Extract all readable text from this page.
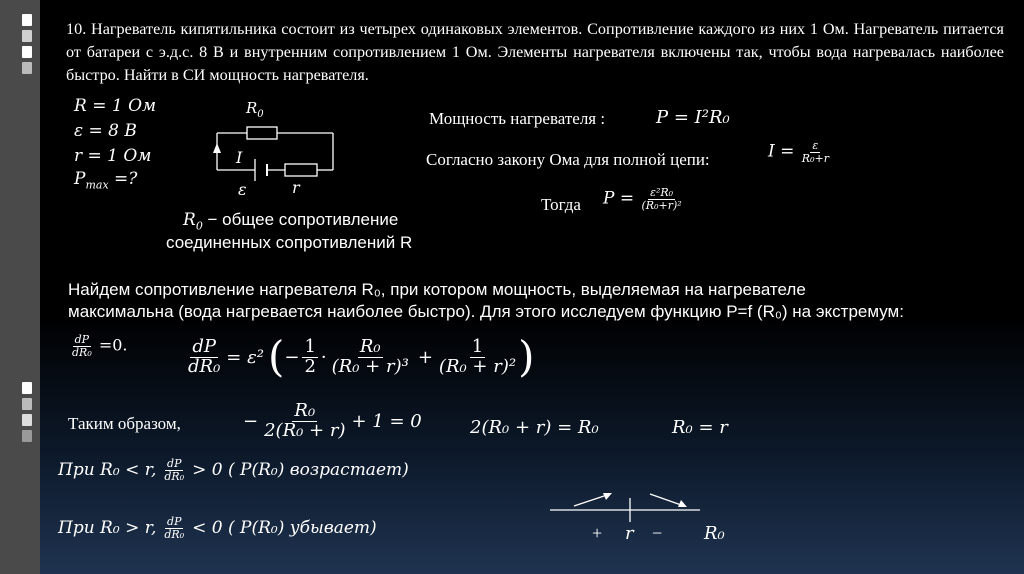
10. Нагреватель кипятильника состоит из четырех одинаковых элементов. Сопротивление каждого из них 1 Ом. Нагреватель питается от батареи с э.д.с. 8 В и внутренним сопротивлением 1 Ом. Элементы нагревателя включены так, чтобы вода нагревалась наиболее быстро. Найти в СИ мощность нагревателя.
R = 1 Ом
ε = 8 В
r = 1 Ом
$P_{max}$ =?
$R_0$
I
ε	r
$R_0$ − общее сопротивление
соединенных сопротивлений R
Мощность нагревателя :	P = I²R₀
Согласно закону Ома для полной цепи:	$I = \frac{\varepsilon}{\text{R₀+r}}$
Тогда $P = \frac{\text{ε²R₀}}{\text{(R₀+r)²}}$
Найдем сопротивление нагревателя R₀, при котором мощность, выделяемая на нагревателе
максимальна (вода нагревается наиболее быстро). Для этого исследуем функцию P=f (R₀) на экстремум:
$\frac{dP}{\text{dR₀}} =0$.	$\frac{dP}{\text{dR₀}} = \varepsilon^2$ ( − $\frac{1}{2} \cdot \frac{\text{R₀}}{\text{(R₀ + r)³}} + \frac{1}{\text{(R₀ + r)²}}$ )
Таким образом,	− $\frac{\text{R₀}}{\text{2(R₀ + r)}} + 1 = 0$	2(R₀ + r) = R₀	R₀ = r
При R₀ < r, $\frac{dP}{\text{dR₀}} > 0$ ( P(R₀) возрастает)
При R₀ > r, $\frac{dP}{\text{dR₀}} < 0$ ( P(R₀) убывает)	+ r − R₀
